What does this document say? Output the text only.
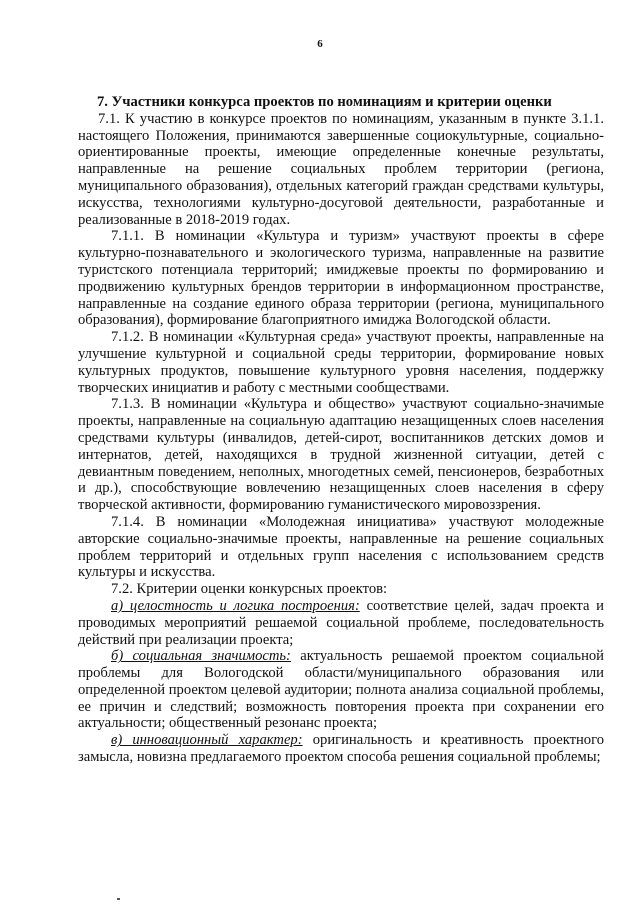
6

7. Участники конкурса проектов по номинациям и критерии оценки

7.1. К участию в конкурсе проектов по номинациям, указанным в пункте 3.1.1. настоящего Положения, принимаются завершенные социокультурные, социально-ориентированные проекты, имеющие определенные конечные результаты, направленные на решение социальных проблем территории (региона, муниципального образования), отдельных категорий граждан средствами культуры, искусства, технологиями культурно-досуговой деятельности, разработанные и реализованные в 2018-2019 годах.

7.1.1. В номинации «Культура и туризм» участвуют проекты в сфере культурно-познавательного и экологического туризма, направленные на развитие туристского потенциала территорий; имиджевые проекты по формированию и продвижению культурных брендов территории в информационном пространстве, направленные на создание единого образа территории (региона, муниципального образования), формирование благоприятного имиджа Вологодской области.

7.1.2. В номинации «Культурная среда» участвуют проекты, направленные на улучшение культурной и социальной среды территории, формирование новых культурных продуктов, повышение культурного уровня населения, поддержку творческих инициатив и работу с местными сообществами.

7.1.3. В номинации «Культура и общество» участвуют социально-значимые проекты, направленные на социальную адаптацию незащищенных слоев населения средствами культуры (инвалидов, детей-сирот, воспитанников детских домов и интернатов, детей, находящихся в трудной жизненной ситуации, детей с девиантным поведением, неполных, многодетных семей, пенсионеров, безработных и др.), способствующие вовлечению незащищенных слоев населения в сферу творческой активности, формированию гуманистического мировоззрения.

7.1.4. В номинации «Молодежная инициатива» участвуют молодежные авторские социально-значимые проекты, направленные на решение социальных проблем территорий и отдельных групп населения с использованием средств культуры и искусства.

7.2. Критерии оценки конкурсных проектов:

а) целостность и логика построения: соответствие целей, задач проекта и проводимых мероприятий решаемой социальной проблеме, последовательность действий при реализации проекта;

б) социальная значимость: актуальность решаемой проектом социальной проблемы для Вологодской области/муниципального образования или определенной проектом целевой аудитории; полнота анализа социальной проблемы, ее причин и следствий; возможность повторения проекта при сохранении его актуальности; общественный резонанс проекта;

в) инновационный характер: оригинальность и креативность проектного замысла, новизна предлагаемого проектом способа решения социальной проблемы;
